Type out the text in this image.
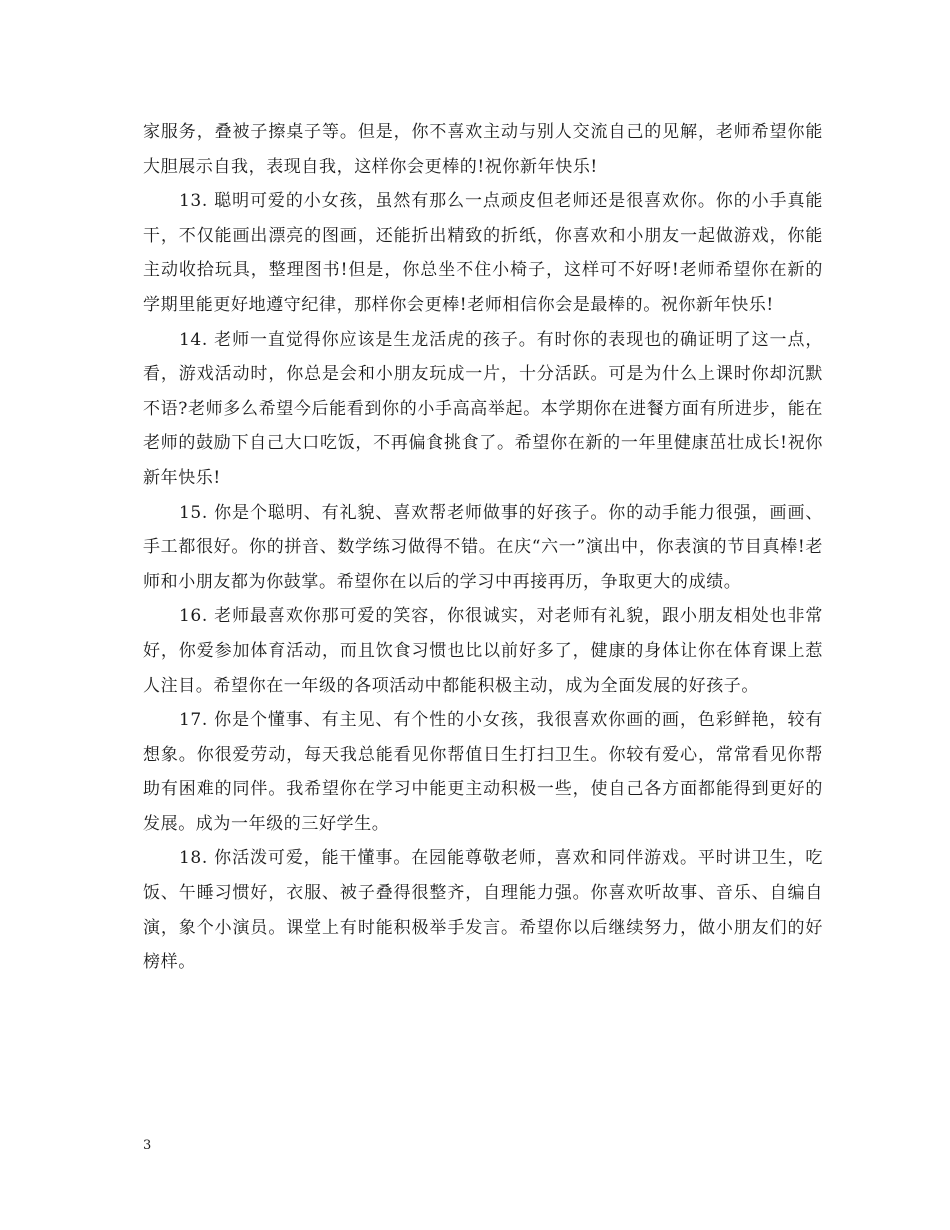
家服务，叠被子擦桌子等。但是，你不喜欢主动与别人交流自己的见解，老师希望你能大胆展示自我，表现自我，这样你会更棒的!祝你新年快乐!

13. 聪明可爱的小女孩，虽然有那么一点顽皮但老师还是很喜欢你。你的小手真能干，不仅能画出漂亮的图画，还能折出精致的折纸，你喜欢和小朋友一起做游戏，你能主动收拾玩具，整理图书!但是，你总坐不住小椅子，这样可不好呀!老师希望你在新的学期里能更好地遵守纪律，那样你会更棒!老师相信你会是最棒的。祝你新年快乐!

14. 老师一直觉得你应该是生龙活虎的孩子。有时你的表现也的确证明了这一点，看，游戏活动时，你总是会和小朋友玩成一片，十分活跃。可是为什么上课时你却沉默不语?老师多么希望今后能看到你的小手高高举起。本学期你在进餐方面有所进步，能在老师的鼓励下自己大口吃饭，不再偏食挑食了。希望你在新的一年里健康茁壮成长!祝你新年快乐!

15. 你是个聪明、有礼貌、喜欢帮老师做事的好孩子。你的动手能力很强，画画、手工都很好。你的拼音、数学练习做得不错。在庆“六一”演出中，你表演的节目真棒!老师和小朋友都为你鼓掌。希望你在以后的学习中再接再历，争取更大的成绩。

16. 老师最喜欢你那可爱的笑容，你很诚实，对老师有礼貌，跟小朋友相处也非常好，你爱参加体育活动，而且饮食习惯也比以前好多了，健康的身体让你在体育课上惹人注目。希望你在一年级的各项活动中都能积极主动，成为全面发展的好孩子。

17. 你是个懂事、有主见、有个性的小女孩，我很喜欢你画的画，色彩鲜艳，较有想象。你很爱劳动，每天我总能看见你帮值日生打扫卫生。你较有爱心，常常看见你帮助有困难的同伴。我希望你在学习中能更主动积极一些，使自己各方面都能得到更好的发展。成为一年级的三好学生。

18. 你活泼可爱，能干懂事。在园能尊敬老师，喜欢和同伴游戏。平时讲卫生，吃饭、午睡习惯好，衣服、被子叠得很整齐，自理能力强。你喜欢听故事、音乐、自编自演，象个小演员。课堂上有时能积极举手发言。希望你以后继续努力，做小朋友们的好榜样。

3
